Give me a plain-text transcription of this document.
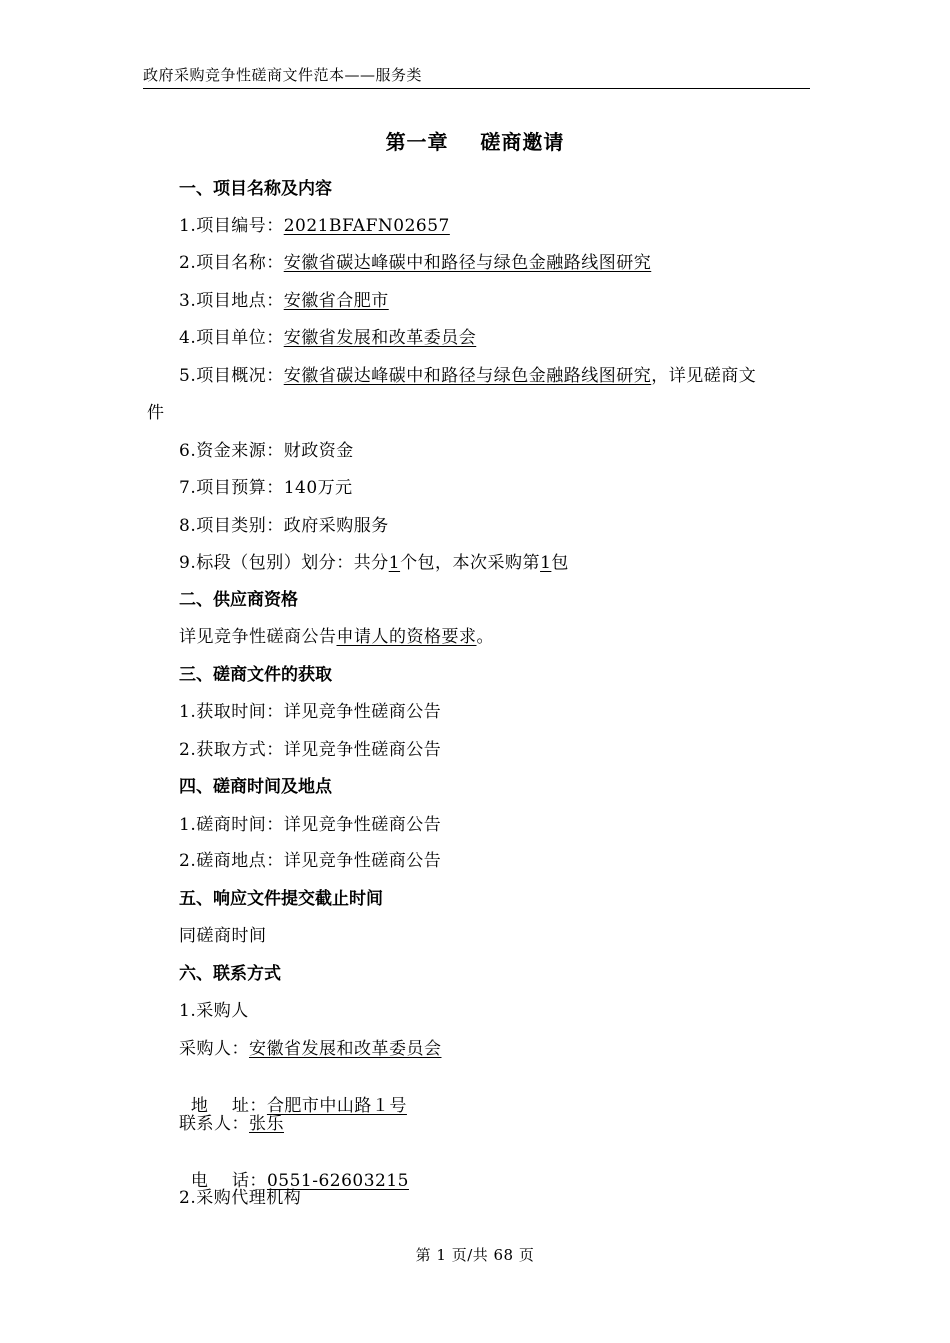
政府采购竞争性磋商文件范本——服务类
第一章    磋商邀请
一、项目名称及内容
1.项目编号：2021BFAFN02657
2.项目名称：安徽省碳达峰碳中和路径与绿色金融路线图研究
3.项目地点：安徽省合肥市
4.项目单位：安徽省发展和改革委员会
5.项目概况：安徽省碳达峰碳中和路径与绿色金融路线图研究，详见磋商文
件
6.资金来源：财政资金
7.项目预算：140万元
8.项目类别：政府采购服务
9.标段（包别）划分：共分1个包，本次采购第1包
二、供应商资格
详见竞争性磋商公告申请人的资格要求。
三、磋商文件的获取
1.获取时间：详见竞争性磋商公告
2.获取方式：详见竞争性磋商公告
四、磋商时间及地点
1.磋商时间：详见竞争性磋商公告
2.磋商地点：详见竞争性磋商公告
五、响应文件提交截止时间
同磋商时间
六、联系方式
1.采购人
采购人：安徽省发展和改革委员会

地    址：合肥市中山路１号

联系人：张乐

电    话：0551-62603215

2.采购代理机构
第 1 页/共 68 页
